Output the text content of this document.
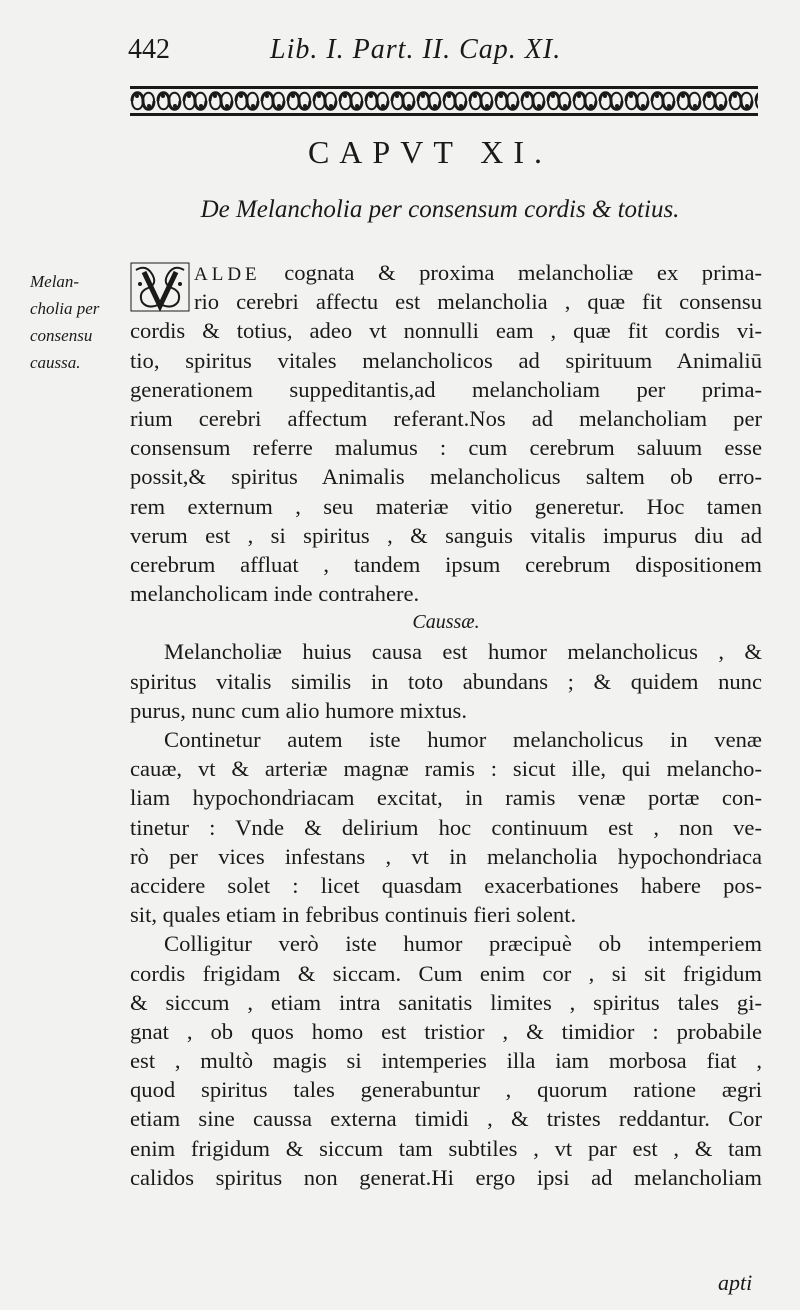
442	Lib. I. Part. II. Cap. XI.
CAPVT XI.
De Melancholia per consensum cordis & totius.
Melan-
cholia per
consensu
caussa.
ALDE cognata & proxima melancholiæ ex prima-
rio cerebri affectu est melancholia , quæ fit consensu
cordis & totius, adeo vt nonnulli eam , quæ fit cordis vi-
tio, spiritus vitales melancholicos ad spirituum Animaliū
generationem suppeditantis,ad melancholiam per prima-
rium cerebri affectum referant.Nos ad melancholiam per
consensum referre malumus : cum cerebrum saluum esse
possit,& spiritus Animalis melancholicus saltem ob erro-
rem externum , seu materiæ vitio generetur. Hoc tamen
verum est , si spiritus , & sanguis vitalis impurus diu ad
cerebrum affluat , tandem ipsum cerebrum dispositionem
melancholicam inde contrahere.
Caussæ.
Melancholiæ huius causa est humor melancholicus , &
spiritus vitalis similis in toto abundans ; & quidem nunc
purus, nunc cum alio humore mixtus.
Continetur autem iste humor melancholicus in venæ
cauæ, vt & arteriæ magnæ ramis : sicut ille, qui melancho-
liam hypochondriacam excitat, in ramis venæ portæ con-
tinetur : Vnde & delirium hoc continuum est , non ve-
rò per vices infestans , vt in melancholia hypochondriaca
accidere solet : licet quasdam exacerbationes habere pos-
sit, quales etiam in febribus continuis fieri solent.
Colligitur verò iste humor præcipuè ob intemperiem
cordis frigidam & siccam. Cum enim cor , si sit frigidum
& siccum , etiam intra sanitatis limites , spiritus tales gi-
gnat , ob quos homo est tristior , & timidior : probabile
est , multò magis si intemperies illa iam morbosa fiat ,
quod spiritus tales generabuntur , quorum ratione ægri
etiam sine caussa externa timidi , & tristes reddantur. Cor
enim frigidum & siccum tam subtiles , vt par est , & tam
calidos spiritus non generat.Hi ergo ipsi ad melancholiam
apti
